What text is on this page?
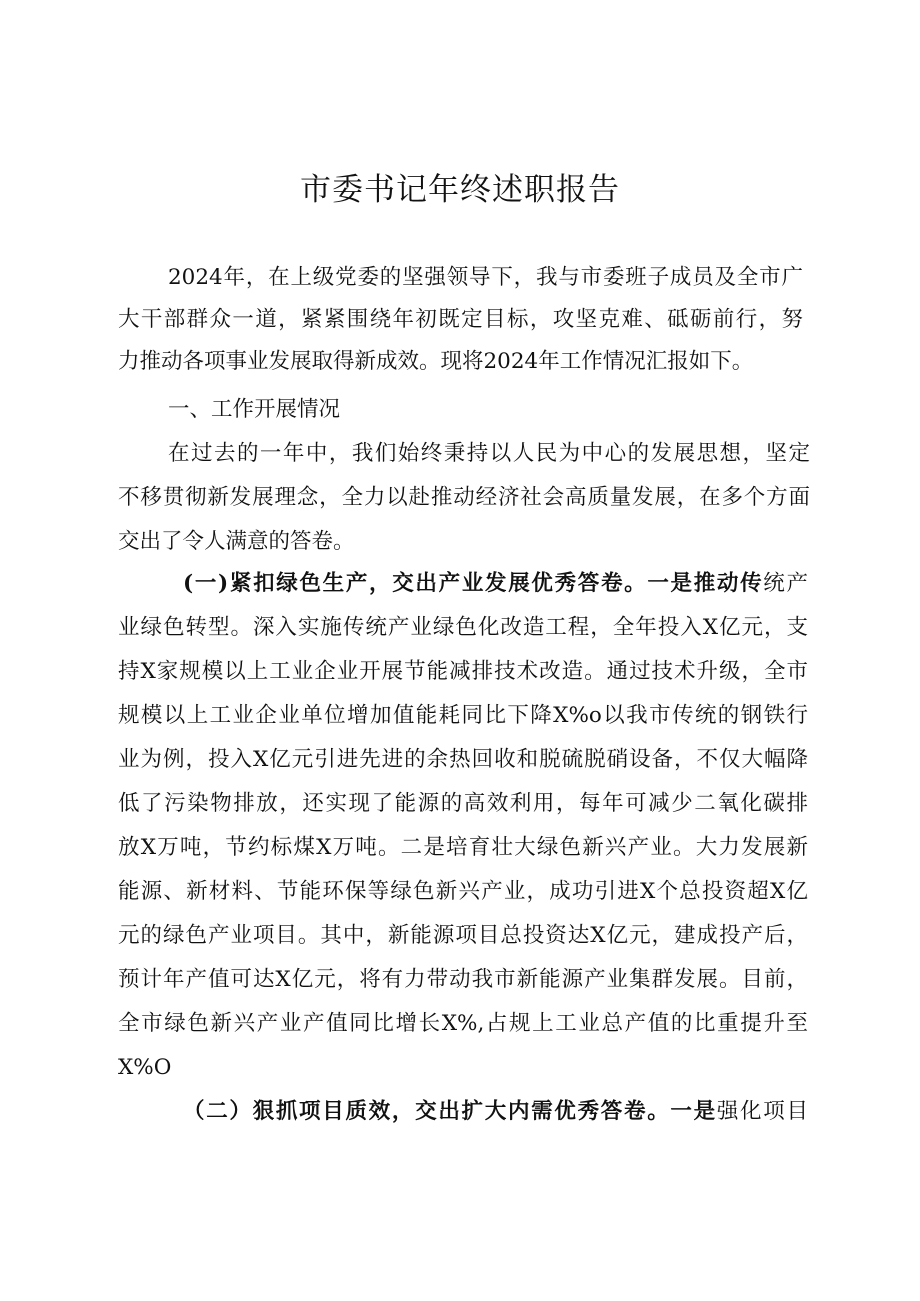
市委书记年终述职报告
2024年，在上级党委的坚强领导下，我与市委班子成员及全市广
大干部群众一道，紧紧围绕年初既定目标，攻坚克难、砥砺前行，努
力推动各项事业发展取得新成效。现将2024年工作情况汇报如下。
一、工作开展情况
在过去的一年中，我们始终秉持以人民为中心的发展思想，坚定
不移贯彻新发展理念，全力以赴推动经济社会高质量发展，在多个方面
交出了令人满意的答卷。
(一)紧扣绿色生产，交出产业发展优秀答卷。一是推动传统产
业绿色转型。深入实施传统产业绿色化改造工程，全年投入X亿元，支
持X家规模以上工业企业开展节能减排技术改造。通过技术升级，全市
规模以上工业企业单位增加值能耗同比下降X%o以我市传统的钢铁行
业为例，投入X亿元引进先进的余热回收和脱硫脱硝设备，不仅大幅降
低了污染物排放，还实现了能源的高效利用，每年可减少二氧化碳排
放X万吨，节约标煤X万吨。二是培育壮大绿色新兴产业。大力发展新
能源、新材料、节能环保等绿色新兴产业，成功引进X个总投资超X亿
元的绿色产业项目。其中，新能源项目总投资达X亿元，建成投产后，
预计年产值可达X亿元，将有力带动我市新能源产业集群发展。目前，
全市绿色新兴产业产值同比增长X%,占规上工业总产值的比重提升至
X%O
（二）狠抓项目质效，交出扩大内需优秀答卷。一是强化项目
